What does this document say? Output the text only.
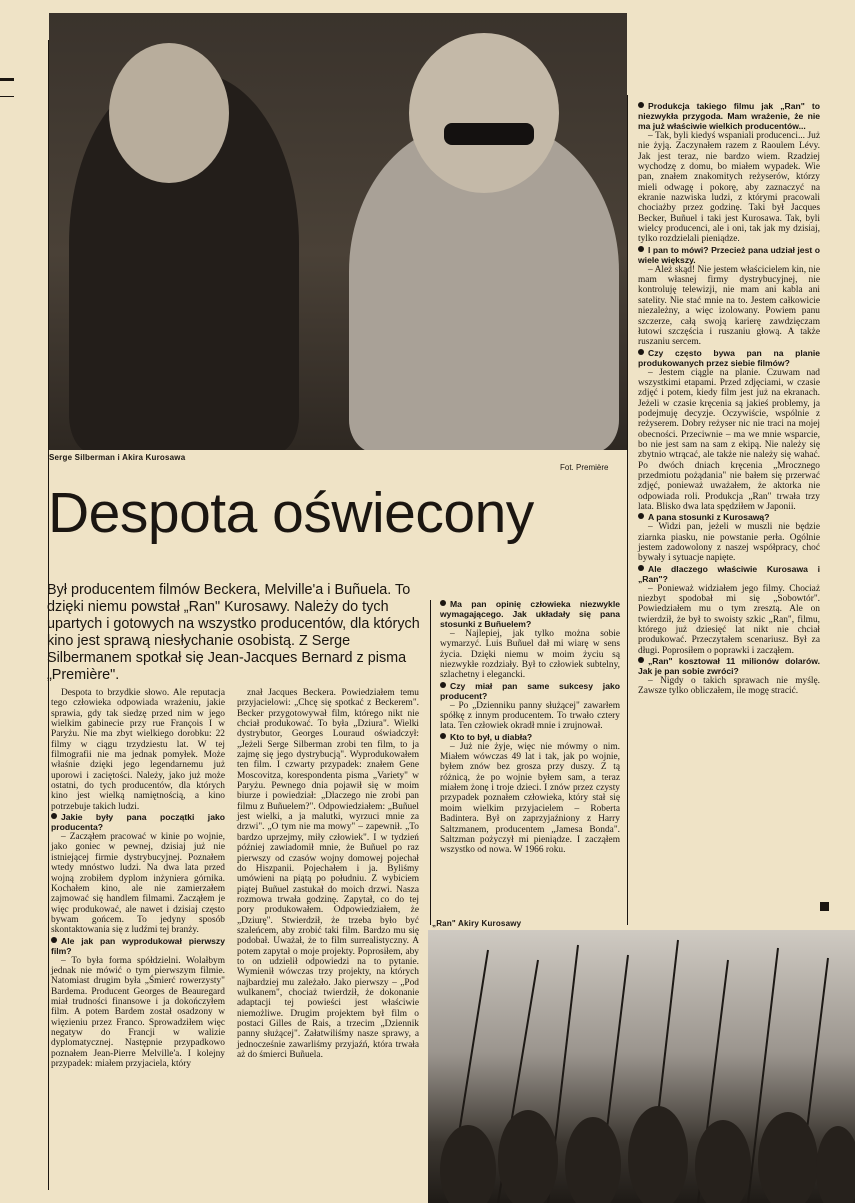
Serge Silberman i Akira Kurosawa
Fot. Première
Despota oświecony
Był producentem filmów Beckera, Melville'a i Buñuela. To dzięki niemu powstał „Ran" Kurosawy. Należy do tych upartych i gotowych na wszystko producentów, dla których kino jest sprawą niesłychanie osobistą. Z Serge Silbermanem spotkał się Jean-Jacques Bernard z pisma „Première".

Despota to brzydkie słowo. Ale reputacja tego człowieka odpowiada wrażeniu, jakie sprawia, gdy tak siedzę przed nim w jego wielkim gabinecie przy rue François I w Paryżu. Nie ma zbyt wielkiego dorobku: 22 filmy w ciągu trzydziestu lat. W tej filmografii nie ma jednak pomyłek. Może właśnie dzięki jego legendarnemu już uporowi i zaciętości. Należy, jako już może ostatni, do tych producentów, dla których kino jest wielką namiętnością, a kino potrzebuje takich ludzi.

Jakie były pana początki jako producenta?

– Zacząłem pracować w kinie po wojnie, jako goniec w pewnej, dzisiaj już nie istniejącej firmie dystrybucyjnej. Poznałem wtedy mnóstwo ludzi. Na dwa lata przed wojną zrobiłem dyplom inżyniera górnika. Kochałem kino, ale nie zamierzałem zajmować się handlem filmami. Zacząłem je więc produkować, ale nawet i dzisiaj często bywam gońcem. To jedyny sposób skontaktowania się z ludźmi tej branży.

Ale jak pan wyprodukował pierwszy film?

– To była forma spółdzielni. Wolałbym jednak nie mówić o tym pierwszym filmie. Natomiast drugim była „Śmierć rowerzysty" Bardema. Producent Georges de Beauregard miał trudności finansowe i ja dokończyłem film. A potem Bardem został osadzony w więzieniu przez Franco. Sprowadziłem więc negatyw do Francji w walizie dyplomatycznej. Następnie przypadkowo poznałem Jean-Pierre Melville'a. I kolejny przypadek: miałem przyjaciela, który

znał Jacques Beckera. Powiedziałem temu przyjacielowi: „Chcę się spotkać z Beckerem". Becker przygotowywał film, którego nikt nie chciał produkować. To była „Dziura". Wielki dystrybutor, Georges Louraud oświadczył: „Jeżeli Serge Silberman zrobi ten film, to ja zajmę się jego dystrybucją". Wyprodukowałem ten film. I czwarty przypadek: znałem Gene Moscovitza, korespondenta pisma „Variety" w Paryżu. Pewnego dnia pojawił się w moim biurze i powiedział: „Dlaczego nie zrobi pan filmu z Buñuelem?". Odpowiedziałem: „Buñuel jest wielki, a ja malutki, wyrzuci mnie za drzwi". „O tym nie ma mowy" – zapewnił. „To bardzo uprzejmy, miły człowiek". I w tydzień później zawiadomił mnie, że Buñuel po raz pierwszy od czasów wojny domowej pojechał do Hiszpanii. Pojechałem i ja. Byliśmy umówieni na piątą po południu. Z wybiciem piątej Buñuel zastukał do moich drzwi. Nasza rozmowa trwała godzinę. Zapytał, co do tej pory produkowałem. Odpowiedziałem, że „Dziurę". Stwierdził, że trzeba było być szaleńcem, aby zrobić taki film. Bardzo mu się podobał. Uważał, że to film surrealistyczny. A potem zapytał o moje projekty. Poprosiłem, aby to on udzielił odpowiedzi na to pytanie. Wymienił wówczas trzy projekty, na których najbardziej mu zależało. Jako pierwszy – „Pod wulkanem", chociaż twierdził, że dokonanie adaptacji tej powieści jest właściwie niemożliwe. Drugim projektem był film o postaci Gilles de Rais, a trzecim „Dziennik panny służącej". Załatwiliśmy nasze sprawy, a jednocześnie zawarliśmy przyjaźń, która trwała aż do śmierci Buñuela.

Ma pan opinię człowieka niezwykle wymagającego. Jak układały się pana stosunki z Buñuelem?

– Najlepiej, jak tylko można sobie wymarzyć. Luis Buñuel dał mi wiarę w sens życia. Dzięki niemu w moim życiu są niezwykłe rozdziały. Był to człowiek subtelny, szlachetny i elegancki.

Czy miał pan same sukcesy jako producent?

– Po „Dzienniku panny służącej" zawarłem spółkę z innym producentem. To trwało cztery lata. Ten człowiek okradł mnie i zrujnował.

Kto to był, u diabła?

– Już nie żyje, więc nie mówmy o nim. Miałem wówczas 49 lat i tak, jak po wojnie, byłem znów bez grosza przy duszy. Z tą różnicą, że po wojnie byłem sam, a teraz miałem żonę i troje dzieci. I znów przez czysty przypadek poznałem człowieka, który stał się moim wielkim przyjacielem – Roberta Badintera. Był on zaprzyjaźniony z Harry Saltzmanem, producentem „Jamesa Bonda". Saltzman pożyczył mi pieniądze. I zacząłem wszystko od nowa. W 1966 roku.

Produkcja takiego filmu jak „Ran" to niezwykła przygoda. Mam wrażenie, że nie ma już właściwie wielkich producentów...

– Tak, byli kiedyś wspaniali producenci... Już nie żyją. Zaczynałem razem z Raoulem Lévy. Jak jest teraz, nie bardzo wiem. Rzadziej wychodzę z domu, bo miałem wypadek. Wie pan, znałem znakomitych reżyserów, którzy mieli odwagę i pokorę, aby zaznaczyć na ekranie nazwiska ludzi, z którymi pracowali chociażby przez godzinę. Taki był Jacques Becker, Buñuel i taki jest Kurosawa. Tak, byli wielcy producenci, ale i oni, tak jak my dzisiaj, tylko rozdzielali pieniądze.

I pan to mówi? Przecież pana udział jest o wiele większy.

– Ależ skąd! Nie jestem właścicielem kin, nie mam własnej firmy dystrybucyjnej, nie kontroluję telewizji, nie mam ani kabla ani satelity. Nie stać mnie na to. Jestem całkowicie niezależny, a więc izolowany. Powiem panu szczerze, całą swoją karierę zawdzięczam łutowi szczęścia i ruszaniu głową. A także ruszaniu sercem.

Czy często bywa pan na planie produkowanych przez siebie filmów?

– Jestem ciągle na planie. Czuwam nad wszystkimi etapami. Przed zdjęciami, w czasie zdjęć i potem, kiedy film jest już na ekranach. Jeżeli w czasie kręcenia są jakieś problemy, ja podejmuję decyzje. Oczywiście, wspólnie z reżyserem. Dobry reżyser nic nie traci na mojej obecności. Przeciwnie – ma we mnie wsparcie, bo nie jest sam na sam z ekipą. Nie należy się zbytnio wtrącać, ale także nie należy się wahać. Po dwóch dniach kręcenia „Mrocznego przedmiotu pożądania" nie bałem się przerwać zdjęć, ponieważ uważałem, że aktorka nie odpowiada roli. Produkcja „Ran" trwała trzy lata. Blisko dwa lata spędziłem w Japonii.

A pana stosunki z Kurosawą?

– Widzi pan, jeżeli w muszli nie będzie ziarnka piasku, nie powstanie perła. Ogólnie jestem zadowolony z naszej współpracy, choć bywały i sytuacje napięte.

Ale dlaczego właściwie Kurosawa i „Ran"?

– Ponieważ widziałem jego filmy. Chociaż niezbyt spodobał mi się „Sobowtór". Powiedziałem mu o tym zresztą. Ale on twierdził, że był to swoisty szkic „Ran", filmu, którego już dziesięć lat nikt nie chciał produkować. Przeczytałem scenariusz. Był za długi. Poprosiłem o poprawki i zacząłem.

„Ran" kosztował 11 milionów dolarów. Jak je pan sobie zwróci?

– Nigdy o takich sprawach nie myślę. Zawsze tylko obliczałem, ile mogę stracić.

„Ran" Akiry Kurosawy
